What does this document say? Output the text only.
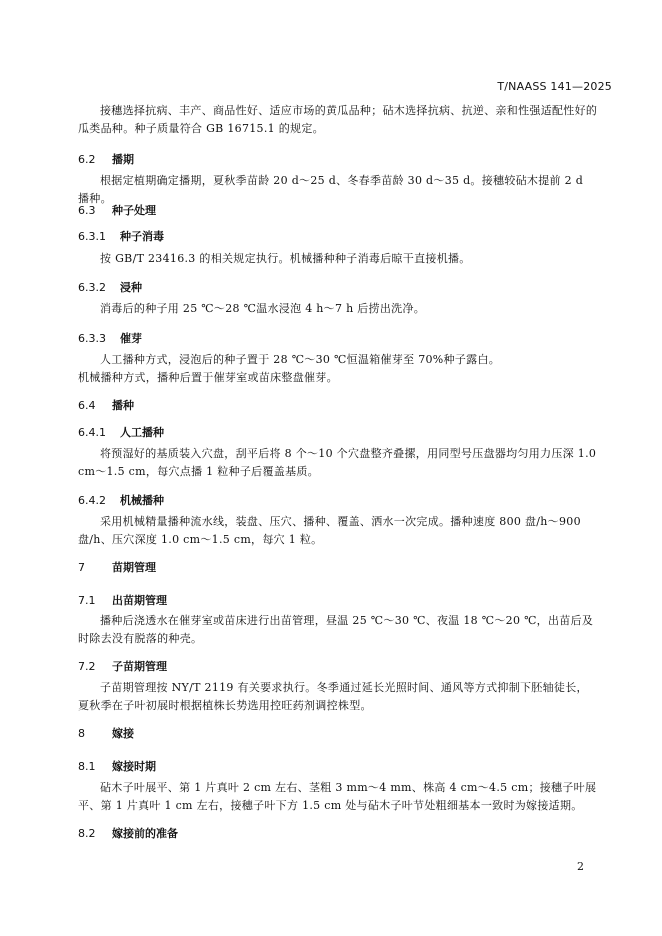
T/NAASS 141—2025

接穗选择抗病、丰产、商品性好、适应市场的黄瓜品种；砧木选择抗病、抗逆、亲和性强适配性好的瓜类品种。种子质量符合 GB 16715.1 的规定。

6.2 播期

根据定植期确定播期，夏秋季苗龄 20 d～25 d、冬春季苗龄 30 d～35 d。接穗较砧木提前 2 d 播种。

6.3 种子处理
6.3.1 种子消毒

按 GB/T 23416.3 的相关规定执行。机械播种种子消毒后晾干直接机播。

6.3.2 浸种

消毒后的种子用 25 ℃～28 ℃温水浸泡 4 h～7 h 后捞出洗净。

6.3.3 催芽

人工播种方式，浸泡后的种子置于 28 ℃～30 ℃恒温箱催芽至 70%种子露白。

机械播种方式，播种后置于催芽室或苗床整盘催芽。

6.4 播种
6.4.1 人工播种

将预湿好的基质装入穴盘，刮平后将 8 个～10 个穴盘整齐叠摞，用同型号压盘器均匀用力压深 1.0 cm～1.5 cm，每穴点播 1 粒种子后覆盖基质。

6.4.2 机械播种

采用机械精量播种流水线，装盘、压穴、播种、覆盖、洒水一次完成。播种速度 800 盘/h～900 盘/h、压穴深度 1.0 cm～1.5 cm，每穴 1 粒。

7 苗期管理
7.1 出苗期管理

播种后浇透水在催芽室或苗床进行出苗管理，昼温 25 ℃～30 ℃、夜温 18 ℃～20 ℃，出苗后及时除去没有脱落的种壳。

7.2 子苗期管理

子苗期管理按 NY/T 2119 有关要求执行。冬季通过延长光照时间、通风等方式抑制下胚轴徒长，夏秋季在子叶初展时根据植株长势选用控旺药剂调控株型。

8 嫁接
8.1 嫁接时期

砧木子叶展平、第 1 片真叶 2 cm 左右、茎粗 3 mm～4 mm、株高 4 cm～4.5 cm；接穗子叶展平、第 1 片真叶 1 cm 左右，接穗子叶下方 1.5 cm 处与砧木子叶节处粗细基本一致时为嫁接适期。

8.2 嫁接前的准备
2
